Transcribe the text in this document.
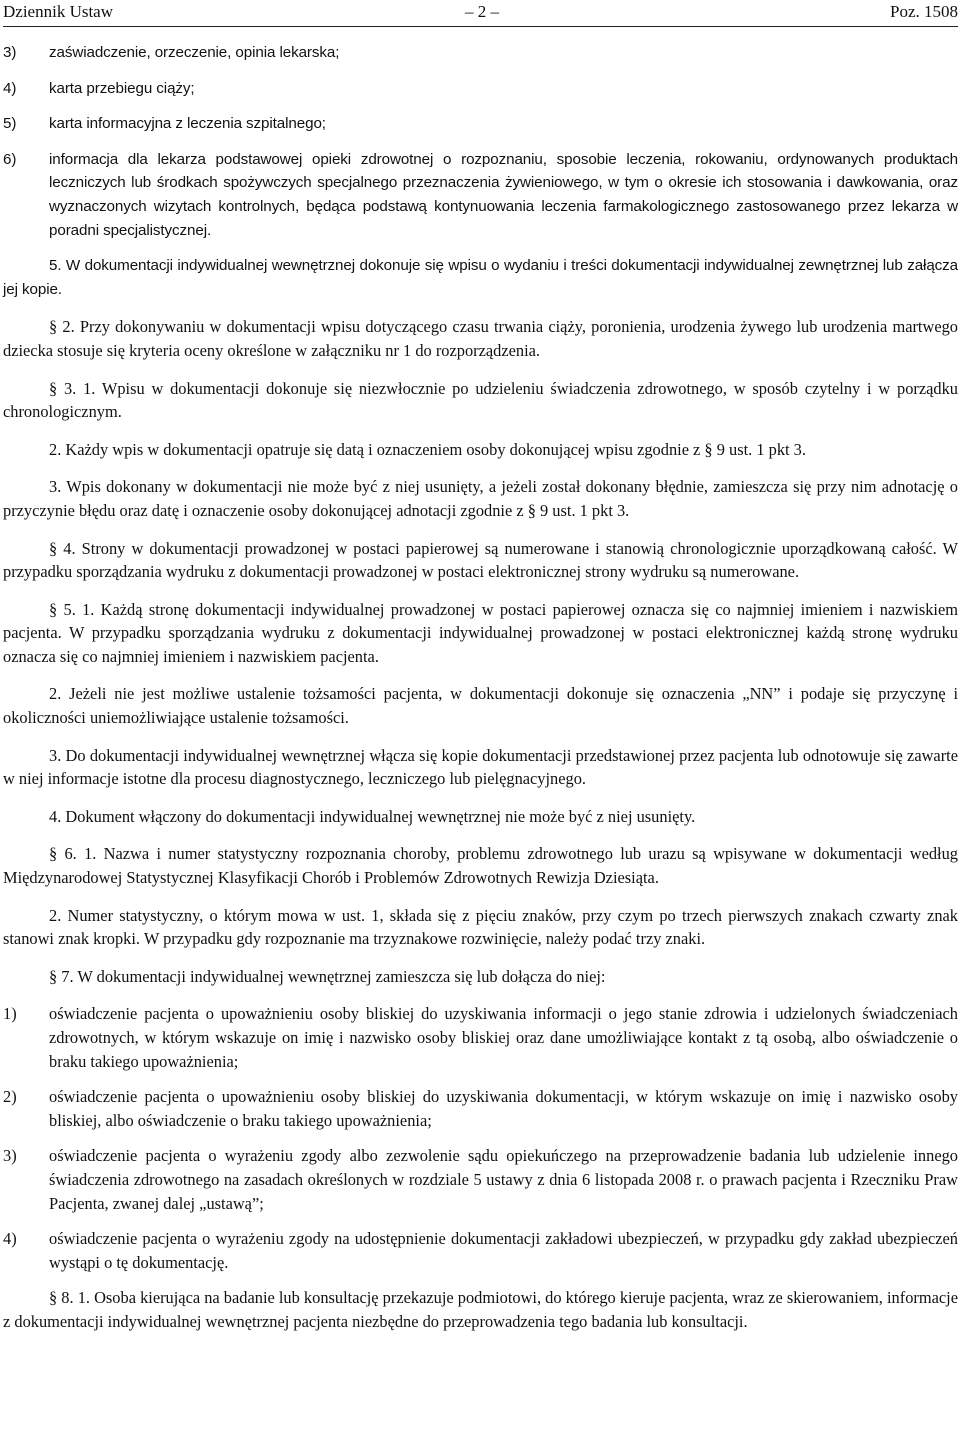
Dziennik Ustaw	– 2 –	Poz. 1508
3) zaświadczenie, orzeczenie, opinia lekarska;
4) karta przebiegu ciąży;
5) karta informacyjna z leczenia szpitalnego;
6) informacja dla lekarza podstawowej opieki zdrowotnej o rozpoznaniu, sposobie leczenia, rokowaniu, ordynowanych produktach leczniczych lub środkach spożywczych specjalnego przeznaczenia żywieniowego, w tym o okresie ich stosowania i dawkowania, oraz wyznaczonych wizytach kontrolnych, będąca podstawą kontynuowania leczenia farmakologicznego zastosowanego przez lekarza w poradni specjalistycznej.

5. W dokumentacji indywidualnej wewnętrznej dokonuje się wpisu o wydaniu i treści dokumentacji indywidualnej zewnętrznej lub załącza jej kopie.

§ 2. Przy dokonywaniu w dokumentacji wpisu dotyczącego czasu trwania ciąży, poronienia, urodzenia żywego lub urodzenia martwego dziecka stosuje się kryteria oceny określone w załączniku nr 1 do rozporządzenia.

§ 3. 1. Wpisu w dokumentacji dokonuje się niezwłocznie po udzieleniu świadczenia zdrowotnego, w sposób czytelny i w porządku chronologicznym.

2. Każdy wpis w dokumentacji opatruje się datą i oznaczeniem osoby dokonującej wpisu zgodnie z § 9 ust. 1 pkt 3.

3. Wpis dokonany w dokumentacji nie może być z niej usunięty, a jeżeli został dokonany błędnie, zamieszcza się przy nim adnotację o przyczynie błędu oraz datę i oznaczenie osoby dokonującej adnotacji zgodnie z § 9 ust. 1 pkt 3.

§ 4. Strony w dokumentacji prowadzonej w postaci papierowej są numerowane i stanowią chronologicznie uporządkowaną całość. W przypadku sporządzania wydruku z dokumentacji prowadzonej w postaci elektronicznej strony wydruku są numerowane.

§ 5. 1. Każdą stronę dokumentacji indywidualnej prowadzonej w postaci papierowej oznacza się co najmniej imieniem i nazwiskiem pacjenta. W przypadku sporządzania wydruku z dokumentacji indywidualnej prowadzonej w postaci elektronicznej każdą stronę wydruku oznacza się co najmniej imieniem i nazwiskiem pacjenta.

2. Jeżeli nie jest możliwe ustalenie tożsamości pacjenta, w dokumentacji dokonuje się oznaczenia „NN” i podaje się przyczynę i okoliczności uniemożliwiające ustalenie tożsamości.

3. Do dokumentacji indywidualnej wewnętrznej włącza się kopie dokumentacji przedstawionej przez pacjenta lub odnotowuje się zawarte w niej informacje istotne dla procesu diagnostycznego, leczniczego lub pielęgnacyjnego.

4. Dokument włączony do dokumentacji indywidualnej wewnętrznej nie może być z niej usunięty.

§ 6. 1. Nazwa i numer statystyczny rozpoznania choroby, problemu zdrowotnego lub urazu są wpisywane w dokumentacji według Międzynarodowej Statystycznej Klasyfikacji Chorób i Problemów Zdrowotnych Rewizja Dziesiąta.

2. Numer statystyczny, o którym mowa w ust. 1, składa się z pięciu znaków, przy czym po trzech pierwszych znakach czwarty znak stanowi znak kropki. W przypadku gdy rozpoznanie ma trzyznakowe rozwinięcie, należy podać trzy znaki.

§ 7. W dokumentacji indywidualnej wewnętrznej zamieszcza się lub dołącza do niej:

1) oświadczenie pacjenta o upoważnieniu osoby bliskiej do uzyskiwania informacji o jego stanie zdrowia i udzielonych świadczeniach zdrowotnych, w którym wskazuje on imię i nazwisko osoby bliskiej oraz dane umożliwiające kontakt z tą osobą, albo oświadczenie o braku takiego upoważnienia;
2) oświadczenie pacjenta o upoważnieniu osoby bliskiej do uzyskiwania dokumentacji, w którym wskazuje on imię i nazwisko osoby bliskiej, albo oświadczenie o braku takiego upoważnienia;
3) oświadczenie pacjenta o wyrażeniu zgody albo zezwolenie sądu opiekuńczego na przeprowadzenie badania lub udzielenie innego świadczenia zdrowotnego na zasadach określonych w rozdziale 5 ustawy z dnia 6 listopada 2008 r. o prawach pacjenta i Rzeczniku Praw Pacjenta, zwanej dalej „ustawą”;
4) oświadczenie pacjenta o wyrażeniu zgody na udostępnienie dokumentacji zakładowi ubezpieczeń, w przypadku gdy zakład ubezpieczeń wystąpi o tę dokumentację.

§ 8. 1. Osoba kierująca na badanie lub konsultację przekazuje podmiotowi, do którego kieruje pacjenta, wraz ze skierowaniem, informacje z dokumentacji indywidualnej wewnętrznej pacjenta niezbędne do przeprowadzenia tego badania lub konsultacji.
